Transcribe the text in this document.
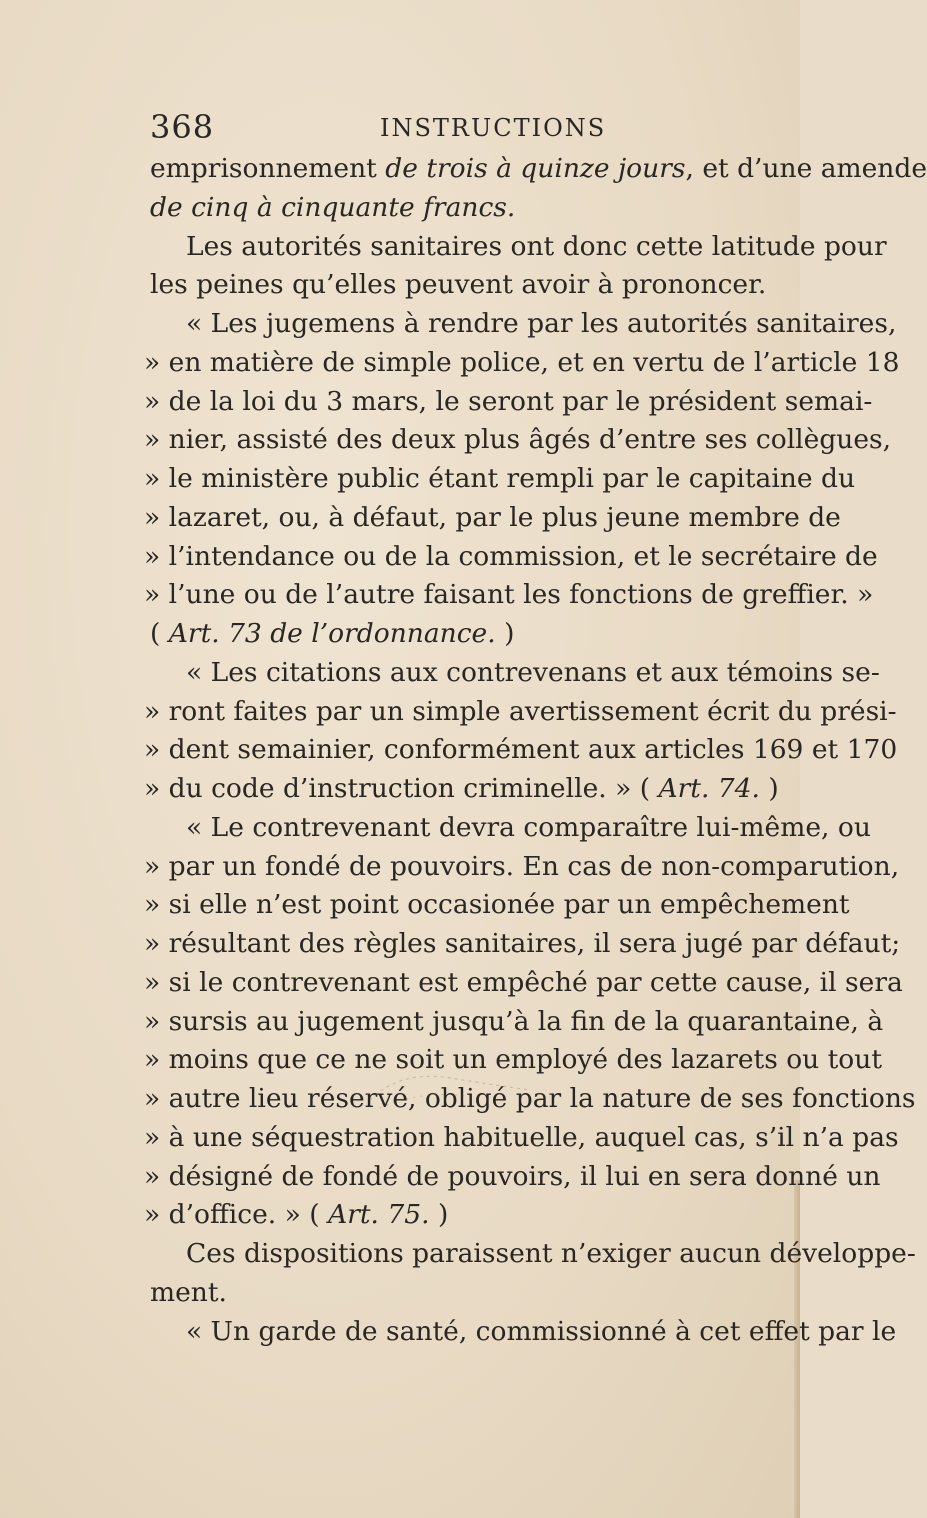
368	INSTRUCTIONS
emprisonnement de trois à quinze jours, et d’une amende
de cinq à cinquante francs.
Les autorités sanitaires ont donc cette latitude pour
les peines qu’elles peuvent avoir à prononcer.
« Les jugemens à rendre par les autorités sanitaires,
» en matière de simple police, et en vertu de l’article 18
» de la loi du 3 mars, le seront par le président semai-
» nier, assisté des deux plus âgés d’entre ses collègues,
» le ministère public étant rempli par le capitaine du
» lazaret, ou, à défaut, par le plus jeune membre de
» l’intendance ou de la commission, et le secrétaire de
» l’une ou de l’autre faisant les fonctions de greffier. »
( Art. 73 de l’ordonnance. )
« Les citations aux contrevenans et aux témoins se-
» ront faites par un simple avertissement écrit du prési-
» dent semainier, conformément aux articles 169 et 170
» du code d’instruction criminelle. » ( Art. 74. )
« Le contrevenant devra comparaître lui-même, ou
» par un fondé de pouvoirs. En cas de non-comparution,
» si elle n’est point occasionée par un empêchement
» résultant des règles sanitaires, il sera jugé par défaut;
» si le contrevenant est empêché par cette cause, il sera
» sursis au jugement jusqu’à la fin de la quarantaine, à
» moins que ce ne soit un employé des lazarets ou tout
» autre lieu réservé, obligé par la nature de ses fonctions
» à une séquestration habituelle, auquel cas, s’il n’a pas
» désigné de fondé de pouvoirs, il lui en sera donné un
» d’office. » ( Art. 75. )
Ces dispositions paraissent n’exiger aucun développe-
ment.
« Un garde de santé, commissionné à cet effet par le
